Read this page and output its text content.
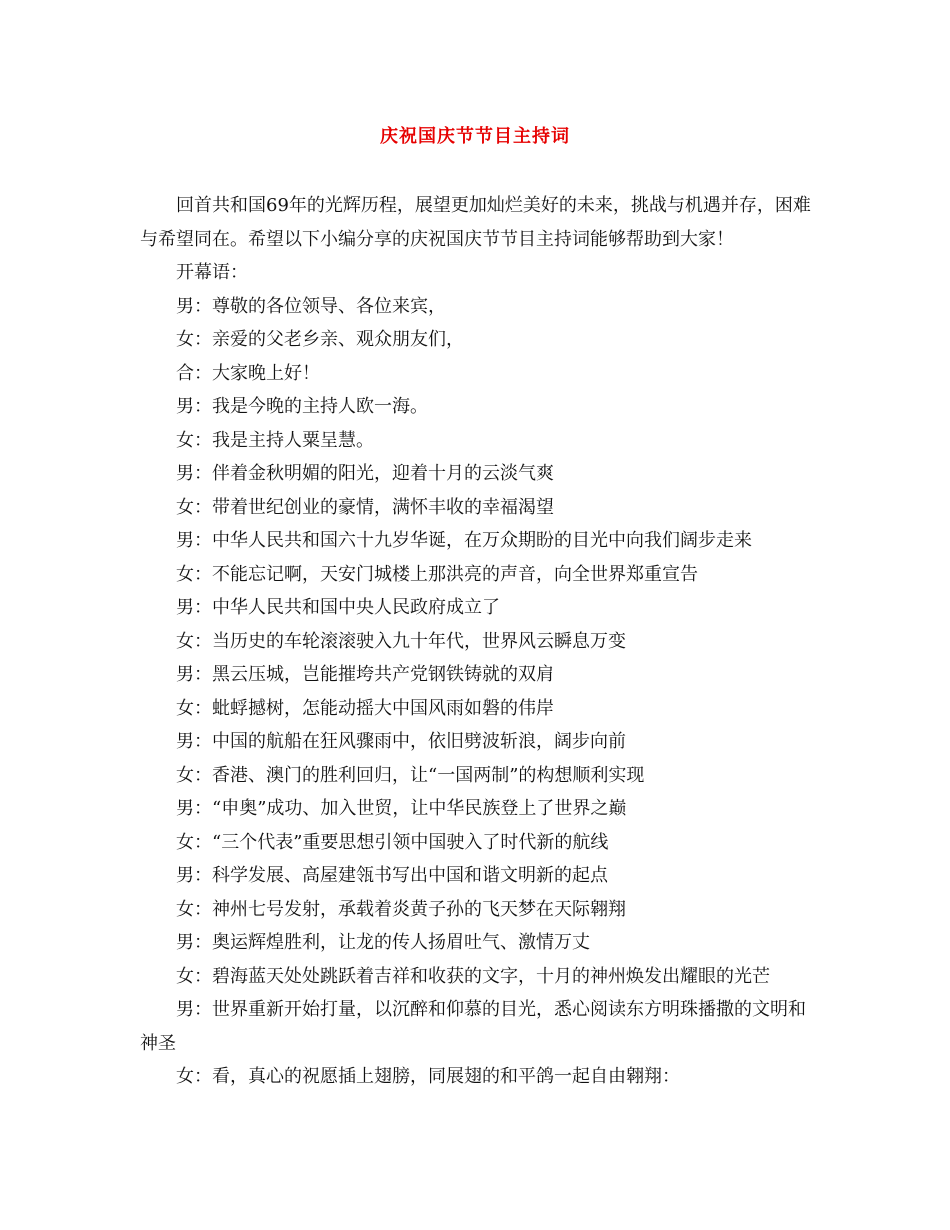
庆祝国庆节节目主持词

回首共和国69年的光辉历程，展望更加灿烂美好的未来，挑战与机遇并存，困难与希望同在。希望以下小编分享的庆祝国庆节节目主持词能够帮助到大家！

开幕语：

男：尊敬的各位领导、各位来宾，

女：亲爱的父老乡亲、观众朋友们，

合：大家晚上好！

男：我是今晚的主持人欧一海。

女：我是主持人粟呈慧。

男：伴着金秋明媚的阳光，迎着十月的云淡气爽

女：带着世纪创业的豪情，满怀丰收的幸福渴望

男：中华人民共和国六十九岁华诞，在万众期盼的目光中向我们阔步走来

女：不能忘记啊，天安门城楼上那洪亮的声音，向全世界郑重宣告

男：中华人民共和国中央人民政府成立了

女：当历史的车轮滚滚驶入九十年代，世界风云瞬息万变

男：黑云压城，岂能摧垮共产党钢铁铸就的双肩

女：蚍蜉撼树，怎能动摇大中国风雨如磐的伟岸

男：中国的航船在狂风骤雨中，依旧劈波斩浪，阔步向前

女：香港、澳门的胜利回归，让“一国两制”的构想顺利实现

男：“申奥”成功、加入世贸，让中华民族登上了世界之巅

女：“三个代表”重要思想引领中国驶入了时代新的航线

男：科学发展、高屋建瓴书写出中国和谐文明新的起点

女：神州七号发射，承载着炎黄子孙的飞天梦在天际翱翔

男：奥运辉煌胜利，让龙的传人扬眉吐气、激情万丈

女：碧海蓝天处处跳跃着吉祥和收获的文字，十月的神州焕发出耀眼的光芒

男：世界重新开始打量，以沉醉和仰慕的目光，悉心阅读东方明珠播撒的文明和神圣

女：看，真心的祝愿插上翅膀，同展翅的和平鸽一起自由翱翔：
